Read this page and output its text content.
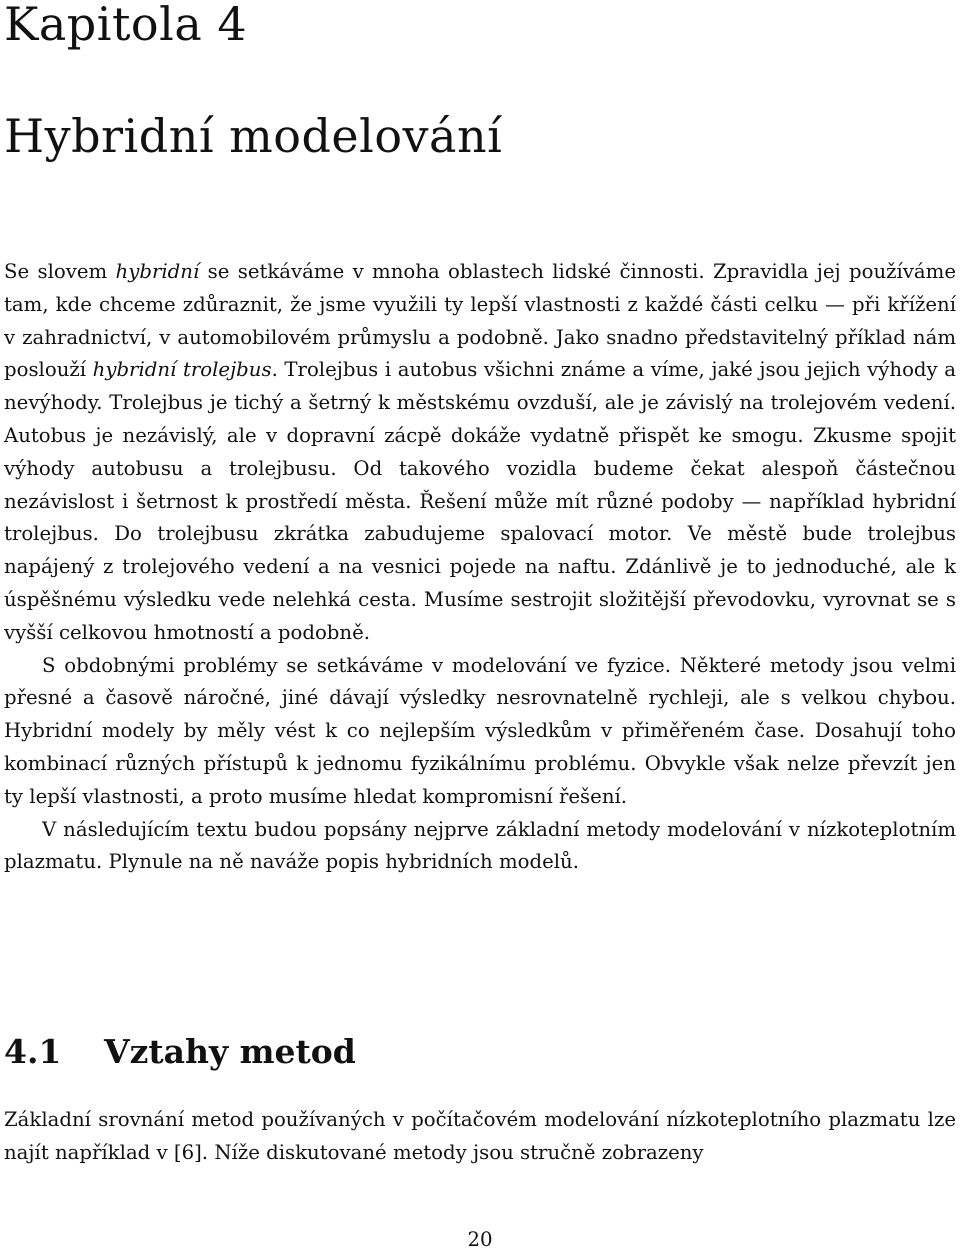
Kapitola 4
Hybridní modelování

Se slovem hybridní se setkáváme v mnoha oblastech lidské činnosti. Zpravidla jej používáme tam, kde chceme zdůraznit, že jsme využili ty lepší vlastnosti z každé části celku — při křížení v zahradnictví, v automobilovém průmyslu a podobně. Jako snadno představitelný příklad nám poslouží hybridní trolejbus. Trolejbus i autobus všichni známe a víme, jaké jsou jejich výhody a nevýhody. Trolejbus je tichý a šetrný k městskému ovzduší, ale je závislý na trolejovém vedení. Autobus je nezávislý, ale v dopravní zácpě dokáže vydatně přispět ke smogu. Zkusme spojit výhody autobusu a trolejbusu. Od takového vozidla budeme čekat alespoň částečnou nezávislost i šetrnost k prostředí města. Řešení může mít různé podoby — například hybridní trolejbus. Do trolejbusu zkrátka zabudujeme spalovací motor. Ve městě bude trolejbus napájený z trolejového vedení a na vesnici pojede na naftu. Zdánlivě je to jednoduché, ale k úspěšnému výsledku vede nelehká cesta. Musíme sestrojit složitější převodovku, vyrovnat se s vyšší celkovou hmotností a podobně.

S obdobnými problémy se setkáváme v modelování ve fyzice. Některé metody jsou velmi přesné a časově náročné, jiné dávají výsledky nesrovnatelně rychleji, ale s velkou chybou. Hybridní modely by měly vést k co nejlepším výsledkům v přiměřeném čase. Dosahují toho kombinací různých přístupů k jednomu fyzikálnímu problému. Obvykle však nelze převzít jen ty lepší vlastnosti, a proto musíme hledat kompromisní řešení.

V následujícím textu budou popsány nejprve základní metody modelování v nízkoteplotním plazmatu. Plynule na ně naváže popis hybridních modelů.

4.1 Vztahy metod

Základní srovnání metod používaných v počítačovém modelování nízkoteplotního plazmatu lze najít například v [6]. Níže diskutované metody jsou stručně zobrazeny

20
